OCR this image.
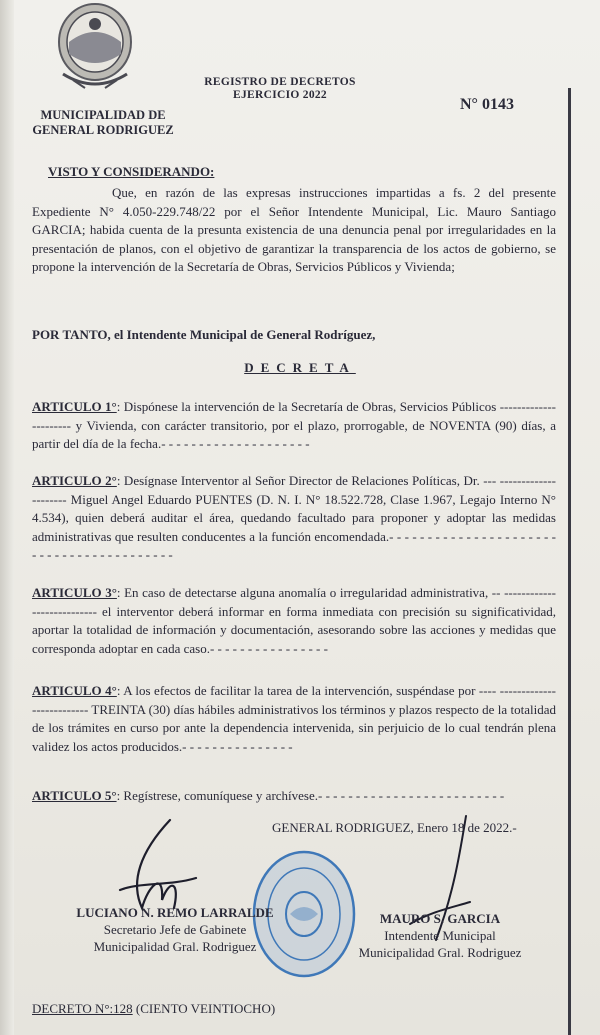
REGISTRO DE DECRETOS
EJERCICIO 2022
MUNICIPALIDAD DE
GENERAL RODRIGUEZ
N° 0143
VISTO Y CONSIDERANDO:
Que, en razón de las expresas instrucciones impartidas a fs. 2 del presente Expediente N° 4.050-229.748/22 por el Señor Intendente Municipal, Lic. Mauro Santiago GARCIA; habida cuenta de la presunta existencia de una denuncia penal por irregularidades en la presentación de planos, con el objetivo de garantizar la transparencia de los actos de gobierno, se propone la intervención de la Secretaría de Obras, Servicios Públicos y Vivienda;
POR TANTO, el Intendente Municipal de General Rodríguez,
DECRETA
ARTICULO 1°: Dispónese la intervención de la Secretaría de Obras, Servicios Públicos ---------------------- y Vivienda, con carácter transitorio, por el plazo, prorrogable, de NOVENTA (90) días, a partir del día de la fecha.- - - - - - - - - - - - - - - - - - - -
ARTICULO 2°: Desígnase Interventor al Señor Director de Relaciones Políticas, Dr. --- --------------------- Miguel Angel Eduardo PUENTES (D. N. I. N° 18.522.728, Clase 1.967, Legajo Interno N° 4.534), quien deberá auditar el área, quedando facultado para proponer y adoptar las medidas administrativas que resulten conducentes a la función encomendada.- - - - - - - - - - - - - - - - - - - - - - - - - - - - - - - - - - - - - - - - -
ARTICULO 3°: En caso de detectarse alguna anomalía o irregularidad administrativa, -- --------------------------- el interventor deberá informar en forma inmediata con precisión su significatividad, aportar la totalidad de información y documentación, asesorando sobre las acciones y medidas que corresponda adoptar en cada caso.- - - - - - - - - - - - - - - -
ARTICULO 4°: A los efectos de facilitar la tarea de la intervención, suspéndase por ---- -------------------------- TREINTA (30) días hábiles administrativos los términos y plazos respecto de la totalidad de los trámites en curso por ante la dependencia intervenida, sin perjuicio de lo cual tendrán plena validez los actos producidos.- - - - - - - - - - - - - - -
ARTICULO 5°: Regístrese, comuníquese y archívese.- - - - - - - - - - - - - - - - - - - - - - - - -
GENERAL RODRIGUEZ, Enero 18 de 2022.-
LUCIANO N. REMO LARRALDE
Secretario Jefe de Gabinete
Municipalidad Gral. Rodriguez
MAURO S. GARCIA
Intendente Municipal
Municipalidad Gral. Rodriguez
DECRETO N°:128 (CIENTO VEINTIOCHO)
